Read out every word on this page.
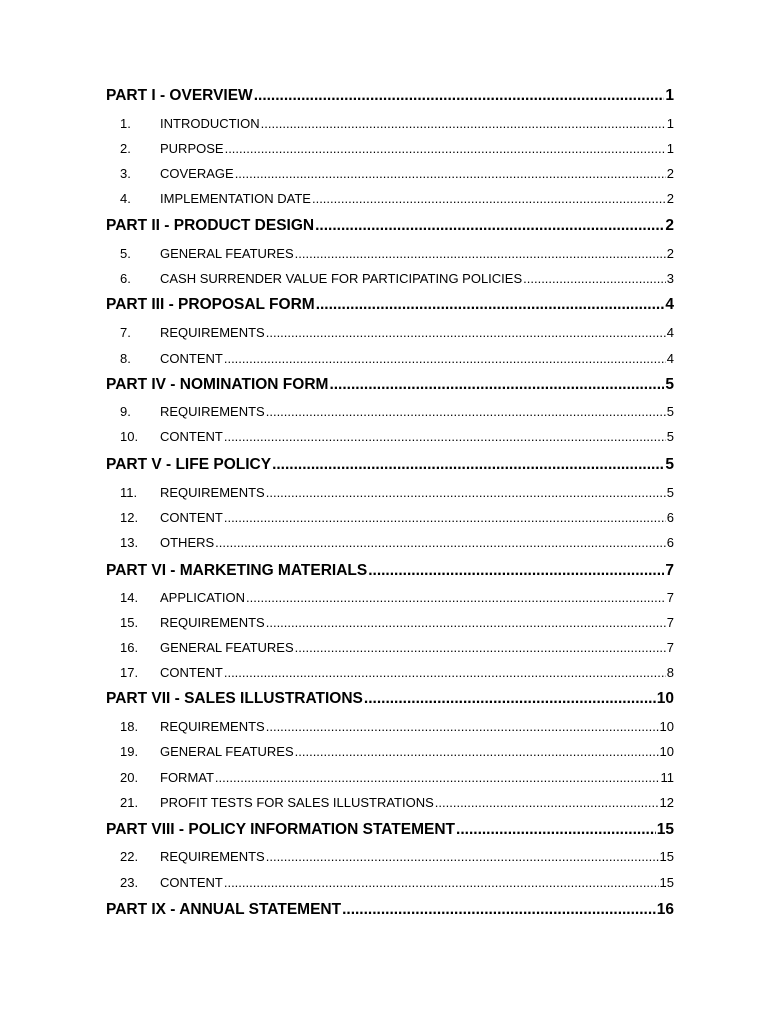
PART I - OVERVIEW .....	1
1.	INTRODUCTION .....	1
2.	PURPOSE .....	1
3.	COVERAGE .....	2
4.	IMPLEMENTATION DATE .....	2
PART II - PRODUCT DESIGN .....	2
5.	GENERAL FEATURES .....	2
6.	CASH SURRENDER VALUE FOR PARTICIPATING POLICIES .....	3
PART III - PROPOSAL FORM .....	4
7.	REQUIREMENTS .....	4
8.	CONTENT .....	4
PART IV - NOMINATION FORM .....	5
9.	REQUIREMENTS .....	5
10.	CONTENT .....	5
PART V - LIFE POLICY .....	5
11.	REQUIREMENTS .....	5
12.	CONTENT .....	6
13.	OTHERS .....	6
PART VI - MARKETING MATERIALS .....	7
14.	APPLICATION .....	7
15.	REQUIREMENTS .....	7
16.	GENERAL FEATURES .....	7
17.	CONTENT .....	8
PART VII - SALES ILLUSTRATIONS .....	10
18.	REQUIREMENTS .....	10
19.	GENERAL FEATURES .....	10
20.	FORMAT .....	11
21.	PROFIT TESTS FOR SALES ILLUSTRATIONS .....	12
PART VIII - POLICY INFORMATION STATEMENT .....	15
22.	REQUIREMENTS .....	15
23.	CONTENT .....	15
PART IX - ANNUAL STATEMENT .....	16
